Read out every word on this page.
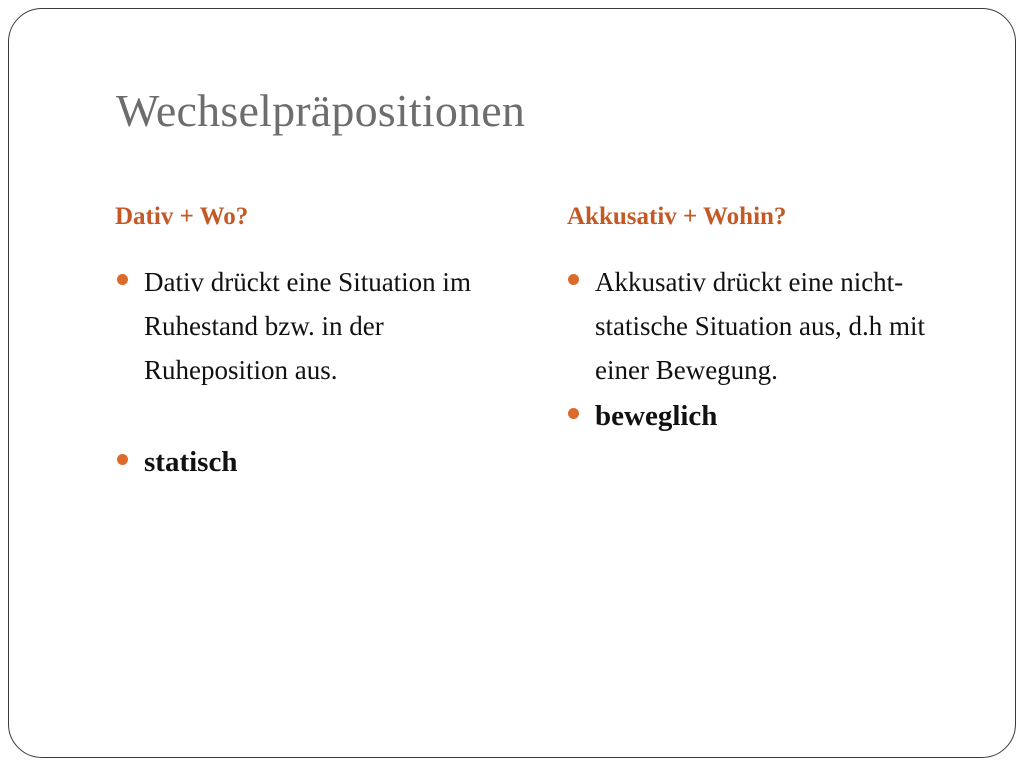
Wechselpräpositionen
Dativ + Wo?	Akkusativ + Wohin?
Dativ drückt eine Situation im Ruhestand bzw. in der Ruheposition aus.
statisch
Akkusativ drückt eine nicht- statische Situation aus, d.h mit einer Bewegung.
beweglich
